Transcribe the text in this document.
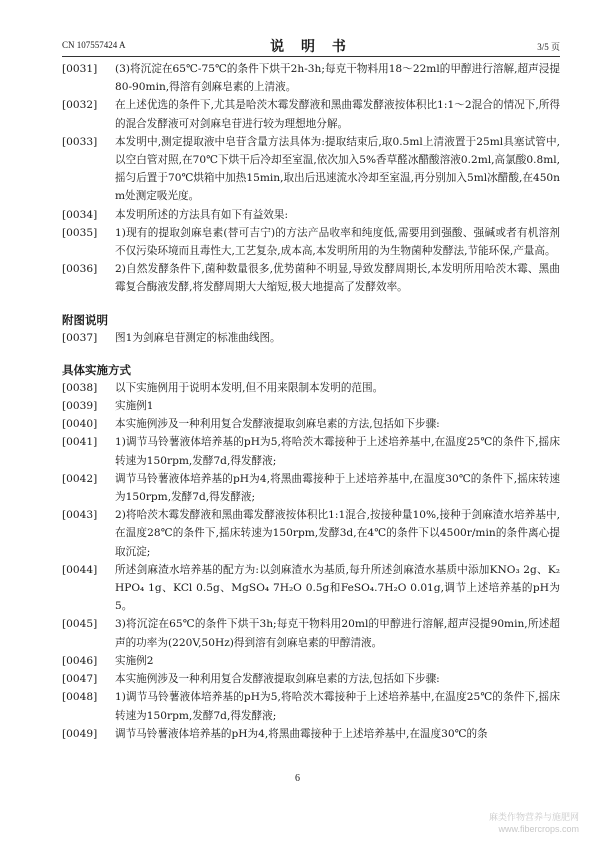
CN 107557424 A	说 明 书	3/5 页
[0031] (3)将沉淀在65℃-75℃的条件下烘干2h-3h;每克干物料用18～22ml的甲醇进行溶解,超声浸提80-90min,得溶有剑麻皂素的上清液。
[0032] 在上述优选的条件下,尤其是哈茨木霉发酵液和黑曲霉发酵液按体积比1:1～2混合的情况下,所得的混合发酵液可对剑麻皂苷进行较为理想地分解。
[0033] 本发明中,测定提取液中皂苷含量方法具体为:提取结束后,取0.5ml上清液置于25ml具塞试管中,以空白管对照,在70℃下烘干后冷却至室温,依次加入5%香草醛冰醋酸溶液0.2ml,高氯酸0.8ml,摇匀后置于70℃烘箱中加热15min,取出后迅速流水冷却至室温,再分别加入5ml冰醋酸,在450nm处测定吸光度。
[0034] 本发明所述的方法具有如下有益效果:
[0035] 1)现有的提取剑麻皂素(替可吉宁)的方法产品收率和纯度低,需要用到强酸、强碱或者有机溶剂不仅污染环境而且毒性大,工艺复杂,成本高,本发明所用的为生物菌种发酵法,节能环保,产量高。
[0036] 2)自然发酵条件下,菌种数量很多,优势菌种不明显,导致发酵周期长,本发明所用哈茨木霉、黑曲霉复合酶液发酵,将发酵周期大大缩短,极大地提高了发酵效率。
附图说明
[0037] 图1为剑麻皂苷测定的标准曲线图。
具体实施方式
[0038] 以下实施例用于说明本发明,但不用来限制本发明的范围。
[0039] 实施例1
[0040] 本实施例涉及一种利用复合发酵液提取剑麻皂素的方法,包括如下步骤:
[0041] 1)调节马铃薯液体培养基的pH为5,将哈茨木霉接种于上述培养基中,在温度25℃的条件下,摇床转速为150rpm,发酵7d,得发酵液;
[0042] 调节马铃薯液体培养基的pH为4,将黑曲霉接种于上述培养基中,在温度30℃的条件下,摇床转速为150rpm,发酵7d,得发酵液;
[0043] 2)将哈茨木霉发酵液和黑曲霉发酵液按体积比1:1混合,按接种量10%,接种于剑麻渣水培养基中,在温度28℃的条件下,摇床转速为150rpm,发酵3d,在4℃的条件下以4500r/min的条件离心提取沉淀;
[0044] 所述剑麻渣水培养基的配方为:以剑麻渣水为基质,每升所述剑麻渣水基质中添加KNO₃ 2g、K₂HPO₄ 1g、KCl 0.5g、MgSO₄ 7H₂O 0.5g和FeSO₄.7H₂O 0.01g,调节上述培养基的pH为5。
[0045] 3)将沉淀在65℃的条件下烘干3h;每克干物料用20ml的甲醇进行溶解,超声浸提90min,所述超声的功率为(220V,50Hz)得到溶有剑麻皂素的甲醇清液。
[0046] 实施例2
[0047] 本实施例涉及一种利用复合发酵液提取剑麻皂素的方法,包括如下步骤:
[0048] 1)调节马铃薯液体培养基的pH为5,将哈茨木霉接种于上述培养基中,在温度25℃的条件下,摇床转速为150rpm,发酵7d,得发酵液;
[0049] 调节马铃薯液体培养基的pH为4,将黑曲霉接种于上述培养基中,在温度30℃的条
6
麻类作物营养与施肥网
www.fibercrops.com
